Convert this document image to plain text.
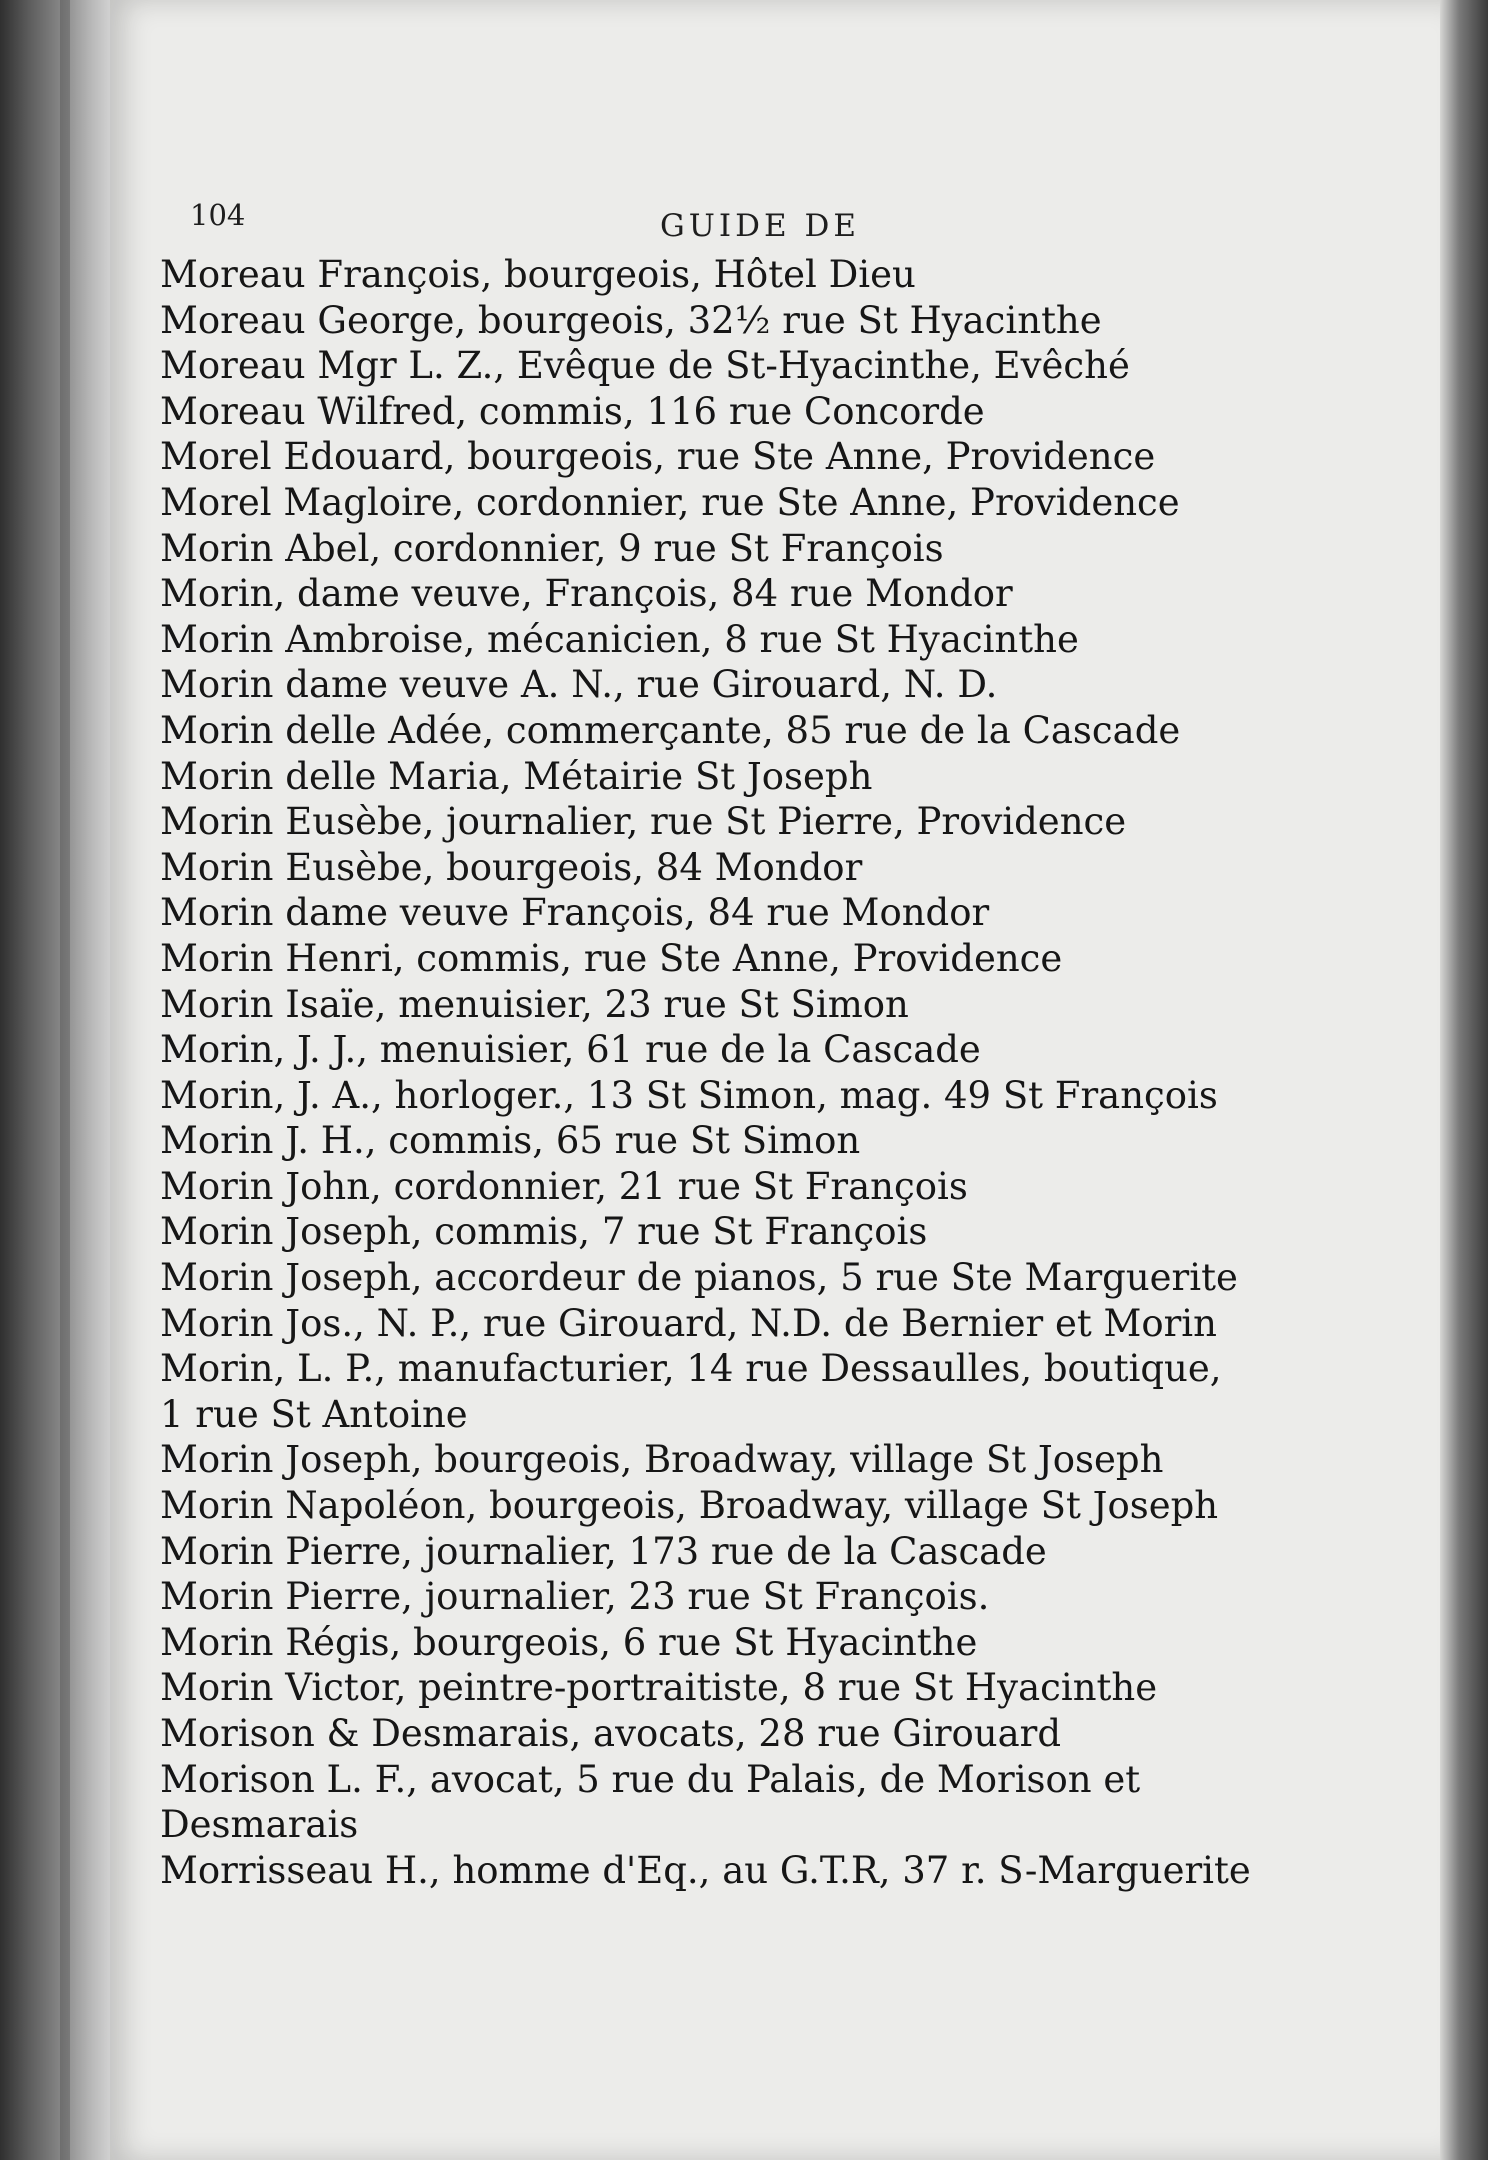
104	GUIDE DE
Moreau François, bourgeois, Hôtel Dieu
Moreau George, bourgeois, 32½ rue St Hyacinthe
Moreau Mgr L. Z., Evêque de St-Hyacinthe, Evêché
Moreau Wilfred, commis, 116 rue Concorde
Morel Edouard, bourgeois, rue Ste Anne, Providence
Morel Magloire, cordonnier, rue Ste Anne, Providence
Morin Abel, cordonnier, 9 rue St François
Morin, dame veuve, François, 84 rue Mondor
Morin Ambroise, mécanicien, 8 rue St Hyacinthe
Morin dame veuve A. N., rue Girouard, N. D.
Morin delle Adée, commerçante, 85 rue de la Cascade
Morin delle Maria, Métairie St Joseph
Morin Eusèbe, journalier, rue St Pierre, Providence
Morin Eusèbe, bourgeois, 84 Mondor
Morin dame veuve François, 84 rue Mondor
Morin Henri, commis, rue Ste Anne, Providence
Morin Isaïe, menuisier, 23 rue St Simon
Morin, J. J., menuisier, 61 rue de la Cascade
Morin, J. A., horloger., 13 St Simon, mag. 49 St François
Morin J. H., commis, 65 rue St Simon
Morin John, cordonnier, 21 rue St François
Morin Joseph, commis, 7 rue St François
Morin Joseph, accordeur de pianos, 5 rue Ste Marguerite
Morin Jos., N. P., rue Girouard, N.D. de Bernier et Morin
Morin, L. P., manufacturier, 14 rue Dessaulles, boutique,
1 rue St Antoine
Morin Joseph, bourgeois, Broadway, village St Joseph
Morin Napoléon, bourgeois, Broadway, village St Joseph
Morin Pierre, journalier, 173 rue de la Cascade
Morin Pierre, journalier, 23 rue St François.
Morin Régis, bourgeois, 6 rue St Hyacinthe
Morin Victor, peintre-portraitiste, 8 rue St Hyacinthe
Morison & Desmarais, avocats, 28 rue Girouard
Morison L. F., avocat, 5 rue du Palais, de Morison et
Desmarais
Morrisseau H., homme d'Eq., au G.T.R, 37 r. S-Marguerite
